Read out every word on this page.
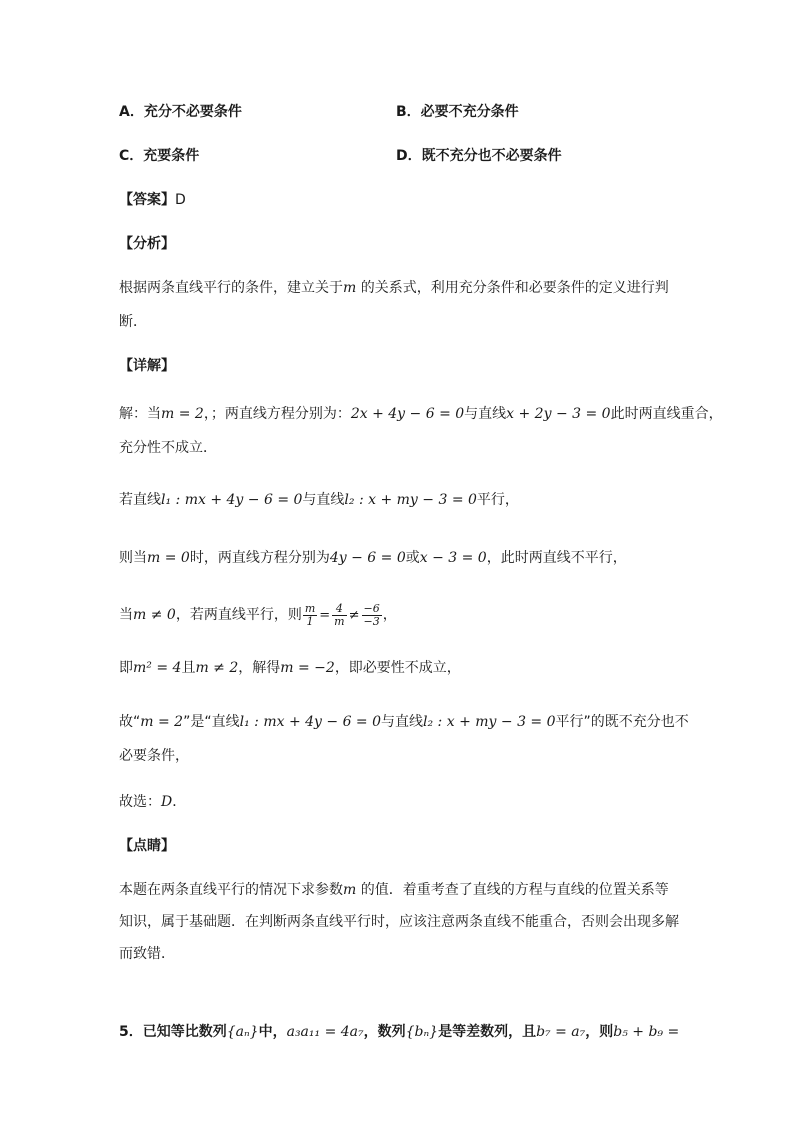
A．充分不必要条件	B．必要不充分条件
C．充要条件	D．既不充分也不必要条件
【答案】D
【分析】
根据两条直线平行的条件，建立关于m 的关系式，利用充分条件和必要条件的定义进行判
断．
【详解】
解：当m = 2，；两直线方程分别为：2x + 4y − 6 = 0与直线x + 2y − 3 = 0此时两直线重合，
充分性不成立．
若直线l₁ : mx + 4y − 6 = 0与直线l₂ : x + my − 3 = 0平行，
则当m = 0时，两直线方程分别为4y − 6 = 0或x − 3 = 0，此时两直线不平行，
当m ≠ 0，若两直线平行，则 $\frac{m}{1} = \frac{4}{m} \ne \frac{-6}{-3}$ ，
即m² = 4且m ≠ 2，解得m = −2，即必要性不成立，
故“m = 2”是“直线l₁ : mx + 4y − 6 = 0与直线l₂ : x + my − 3 = 0平行”的既不充分也不
必要条件，
故选：D．
【点睛】
本题在两条直线平行的情况下求参数m 的值．着重考查了直线的方程与直线的位置关系等
知识，属于基础题．在判断两条直线平行时，应该注意两条直线不能重合，否则会出现多解
而致错．
5．已知等比数列{aₙ}中，a₃a₁₁ = 4a₇，数列{bₙ}是等差数列，且b₇ = a₇，则b₅ + b₉ =
